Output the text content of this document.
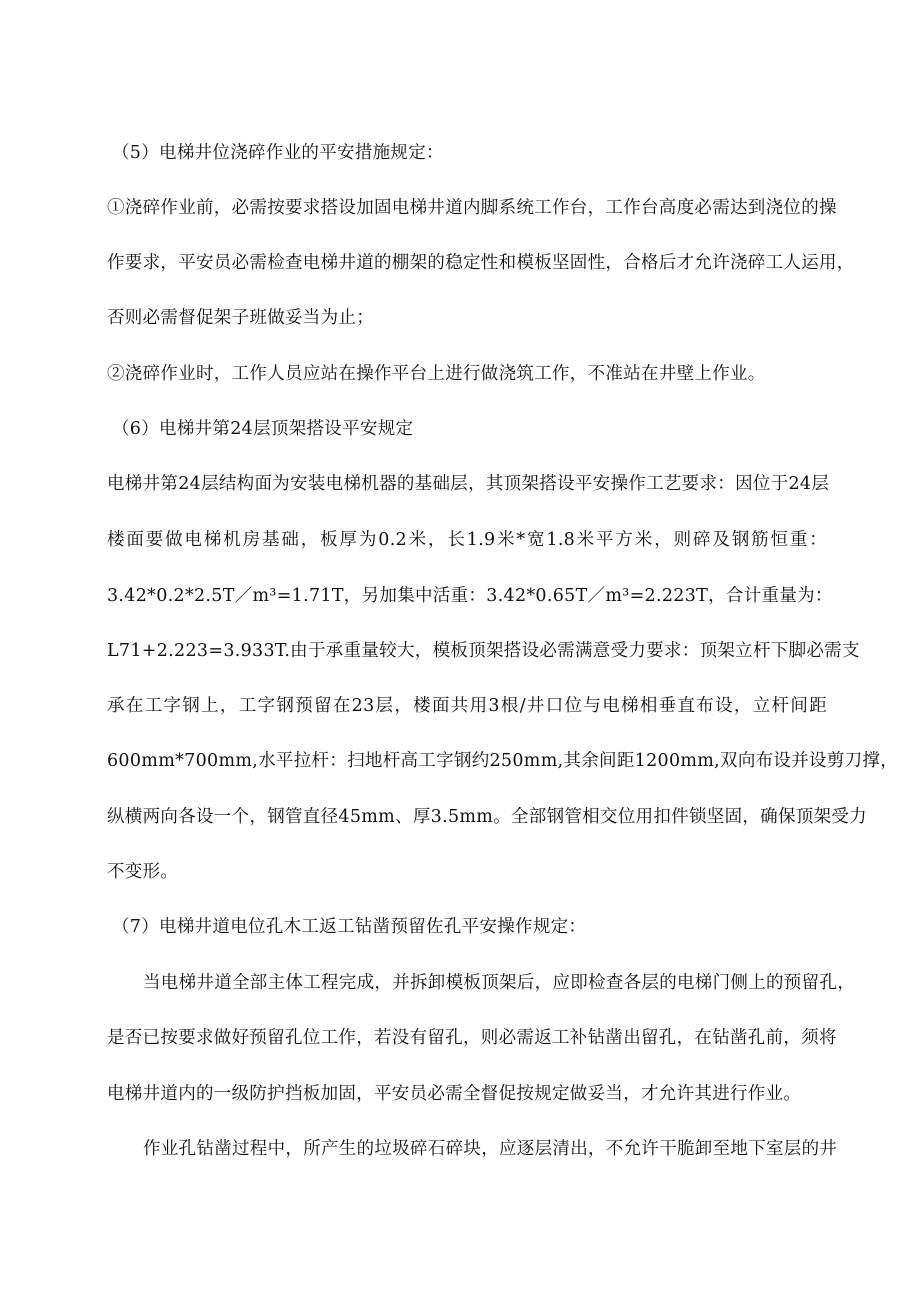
（5）电梯井位浇碎作业的平安措施规定：
①浇碎作业前，必需按要求搭设加固电梯井道内脚系统工作台，工作台高度必需达到浇位的操
作要求，平安员必需检查电梯井道的棚架的稳定性和模板坚固性，合格后才允许浇碎工人运用，
否则必需督促架子班做妥当为止；
②浇碎作业时，工作人员应站在操作平台上进行做浇筑工作，不准站在井壁上作业。
（6）电梯井第24层顶架搭设平安规定
电梯井第24层结构面为安装电梯机器的基础层，其顶架搭设平安操作工艺要求：因位于24层
楼面要做电梯机房基础，板厚为0.2米，长1.9米*宽1.8米平方米，则碎及钢筋恒重：
3.42*0.2*2.5T／m³=1.71T，另加集中活重：3.42*0.65T／m³=2.223T，合计重量为：
L71+2.223=3.933T.由于承重量较大，模板顶架搭设必需满意受力要求：顶架立杆下脚必需支
承在工字钢上，工字钢预留在23层，楼面共用3根/井口位与电梯相垂直布设，立杆间距
600mm*700mm,水平拉杆：扫地杆高工字钢约250mm,其余间距1200mm,双向布设并设剪刀撑，
纵横两向各设一个，钢管直径45mm、厚3.5mm。全部钢管相交位用扣件锁坚固，确保顶架受力
不变形。
（7）电梯井道电位孔木工返工钻凿预留佐孔平安操作规定：
当电梯井道全部主体工程完成，并拆卸模板顶架后，应即检查各层的电梯门侧上的预留孔，
是否已按要求做好预留孔位工作，若没有留孔，则必需返工补钻凿出留孔，在钻凿孔前，须将
电梯井道内的一级防护挡板加固，平安员必需全督促按规定做妥当，才允许其进行作业。
作业孔钻凿过程中，所产生的垃圾碎石碎块，应逐层清出，不允许干脆卸至地下室层的井
